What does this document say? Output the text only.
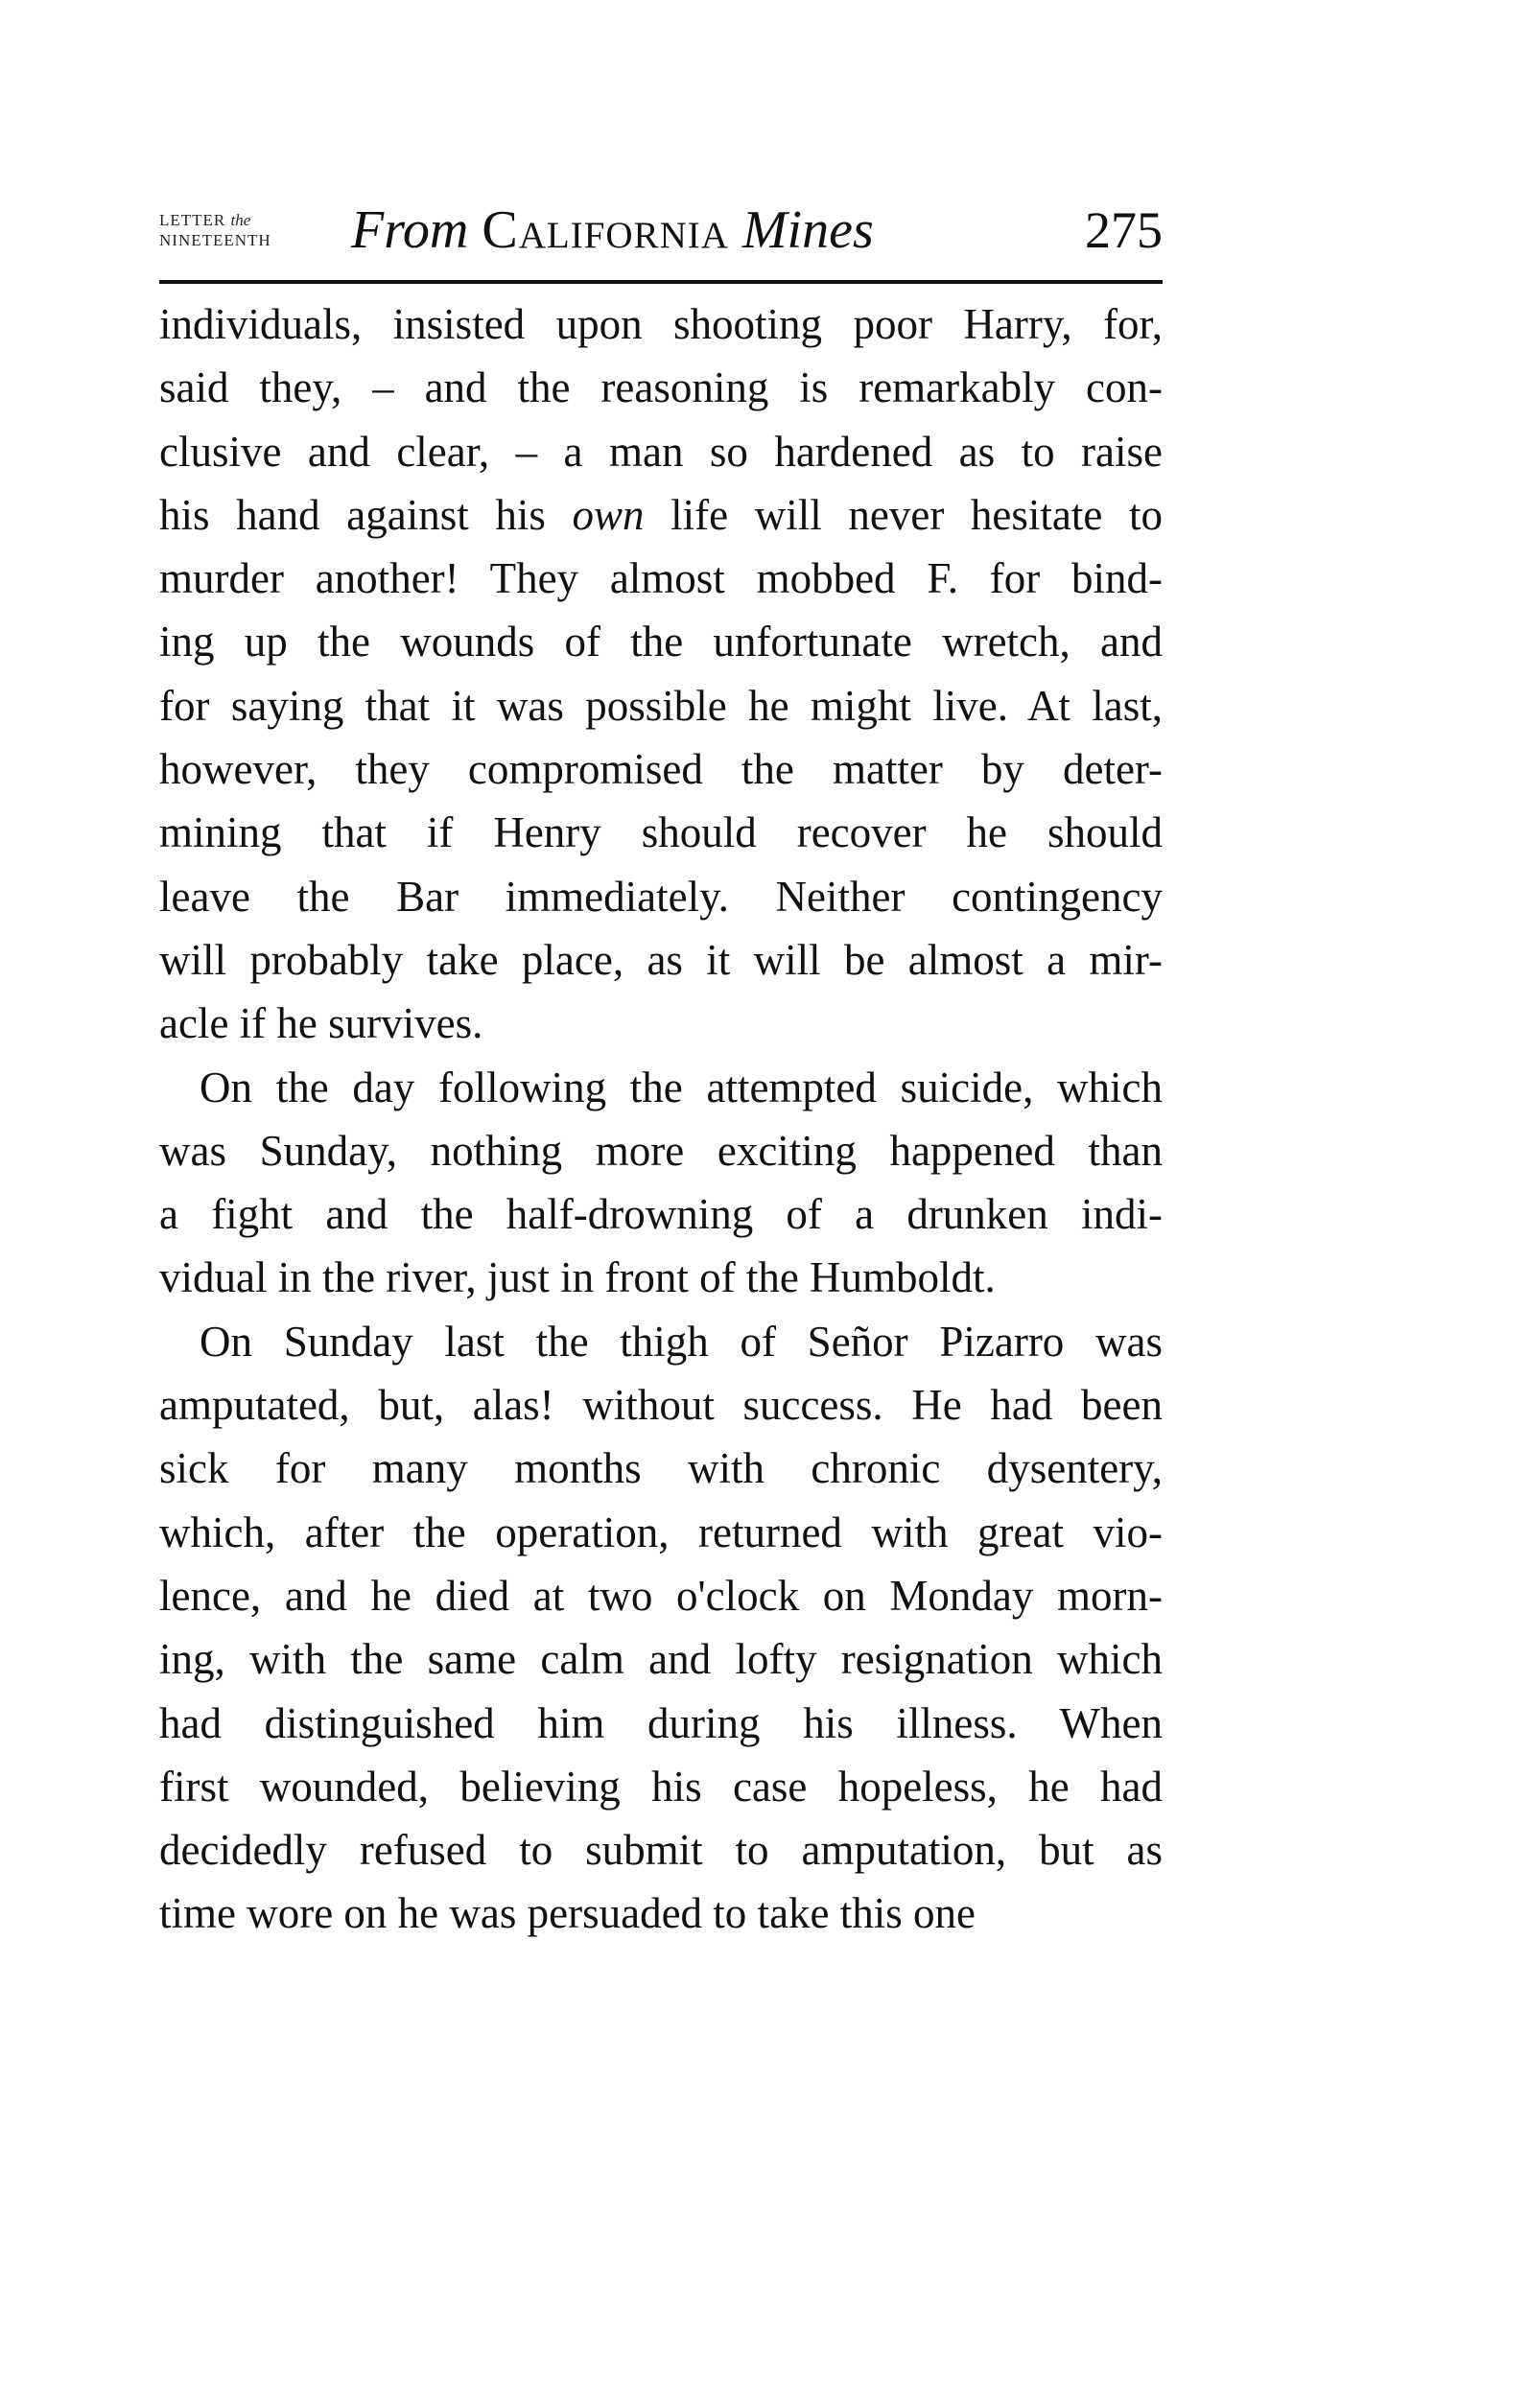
LETTER the
NINETEENTH	From California Mines	275
individuals, insisted upon shooting poor Harry, for,
said they, – and the reasoning is remarkably con-
clusive and clear, – a man so hardened as to raise
his hand against his own life will never hesitate to
murder another! They almost mobbed F. for bind-
ing up the wounds of the unfortunate wretch, and
for saying that it was possible he might live. At last,
however, they compromised the matter by deter-
mining that if Henry should recover he should
leave the Bar immediately. Neither contingency
will probably take place, as it will be almost a mir-
acle if he survives.
On the day following the attempted suicide, which
was Sunday, nothing more exciting happened than
a fight and the half-drowning of a drunken indi-
vidual in the river, just in front of the Humboldt.
On Sunday last the thigh of Señor Pizarro was
amputated, but, alas! without success. He had been
sick for many months with chronic dysentery,
which, after the operation, returned with great vio-
lence, and he died at two o'clock on Monday morn-
ing, with the same calm and lofty resignation which
had distinguished him during his illness. When
first wounded, believing his case hopeless, he had
decidedly refused to submit to amputation, but as
time wore on he was persuaded to take this one
